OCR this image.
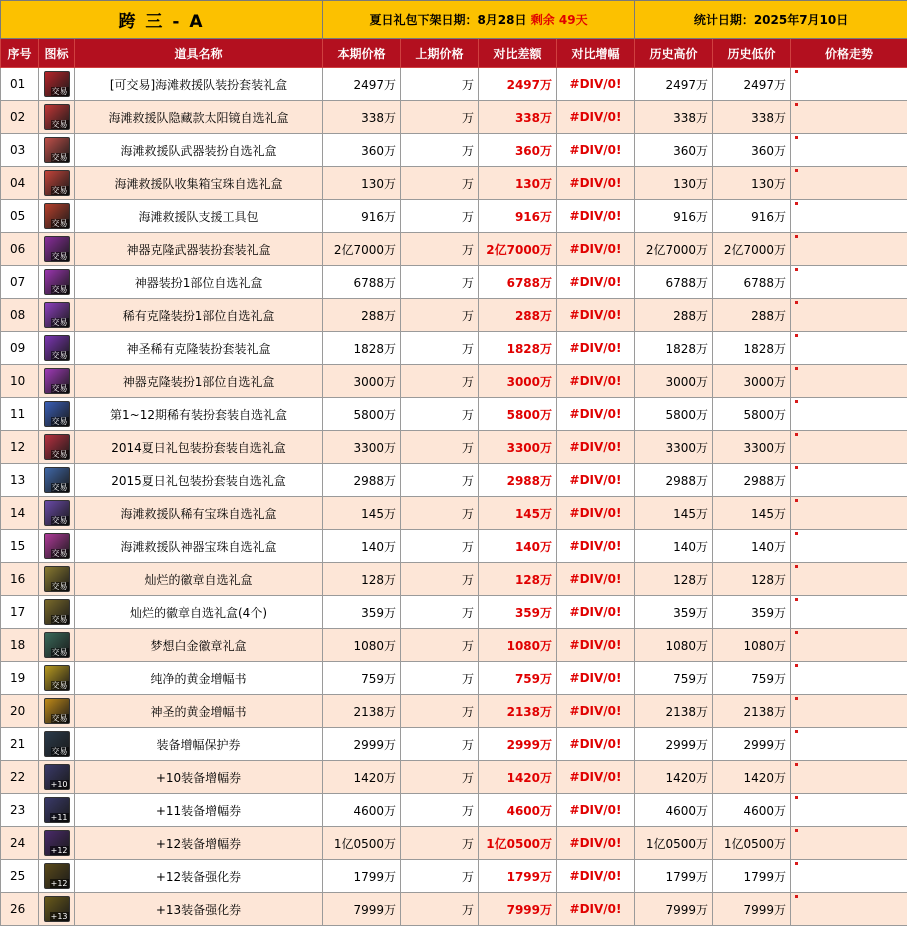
跨 三 - A			夏日礼包下架日期：8月28日 剩余 49天				统计日期：2025年7月10日		
序号	图标	道具名称	本期价格	上期价格	对比差额	对比增幅	历史高价	历史低价	价格走势
01	交易	[可交易]海滩救援队装扮套装礼盒	2497万	万	2497万	#DIV/0!	2497万	2497万	

02	交易	海滩救援队隐藏款太阳镜自选礼盒	338万	万	338万	#DIV/0!	338万	338万	

03	交易	海滩救援队武器装扮自选礼盒	360万	万	360万	#DIV/0!	360万	360万	

04	交易	海滩救援队收集箱宝珠自选礼盒	130万	万	130万	#DIV/0!	130万	130万	

05	交易	海滩救援队支援工具包	916万	万	916万	#DIV/0!	916万	916万	

06	交易	神器克隆武器装扮套装礼盒	2亿7000万	万	2亿7000万	#DIV/0!	2亿7000万	2亿7000万	

07	交易	神器装扮1部位自选礼盒	6788万	万	6788万	#DIV/0!	6788万	6788万	

08	交易	稀有克隆装扮1部位自选礼盒	288万	万	288万	#DIV/0!	288万	288万	

09	交易	神圣稀有克隆装扮套装礼盒	1828万	万	1828万	#DIV/0!	1828万	1828万	

10	交易	神器克隆装扮1部位自选礼盒	3000万	万	3000万	#DIV/0!	3000万	3000万	

11	交易	第1~12期稀有装扮套装自选礼盒	5800万	万	5800万	#DIV/0!	5800万	5800万	

12	交易	2014夏日礼包装扮套装自选礼盒	3300万	万	3300万	#DIV/0!	3300万	3300万	

13	交易	2015夏日礼包装扮套装自选礼盒	2988万	万	2988万	#DIV/0!	2988万	2988万	

14	交易	海滩救援队稀有宝珠自选礼盒	145万	万	145万	#DIV/0!	145万	145万	

15	交易	海滩救援队神器宝珠自选礼盒	140万	万	140万	#DIV/0!	140万	140万	

16	交易	灿烂的徽章自选礼盒	128万	万	128万	#DIV/0!	128万	128万	

17	交易	灿烂的徽章自选礼盒(4个)	359万	万	359万	#DIV/0!	359万	359万	

18	交易	梦想白金徽章礼盒	1080万	万	1080万	#DIV/0!	1080万	1080万	

19	交易	纯净的黄金增幅书	759万	万	759万	#DIV/0!	759万	759万	

20	交易	神圣的黄金增幅书	2138万	万	2138万	#DIV/0!	2138万	2138万	

21	交易	装备增幅保护券	2999万	万	2999万	#DIV/0!	2999万	2999万	

22	+10	+10装备增幅券	1420万	万	1420万	#DIV/0!	1420万	1420万	

23	+11	+11装备增幅券	4600万	万	4600万	#DIV/0!	4600万	4600万	

24	+12	+12装备增幅券	1亿0500万	万	1亿0500万	#DIV/0!	1亿0500万	1亿0500万	

25	+12	+12装备强化券	1799万	万	1799万	#DIV/0!	1799万	1799万	

26	+13	+13装备强化券	7999万	万	7999万	#DIV/0!	7999万	7999万	
